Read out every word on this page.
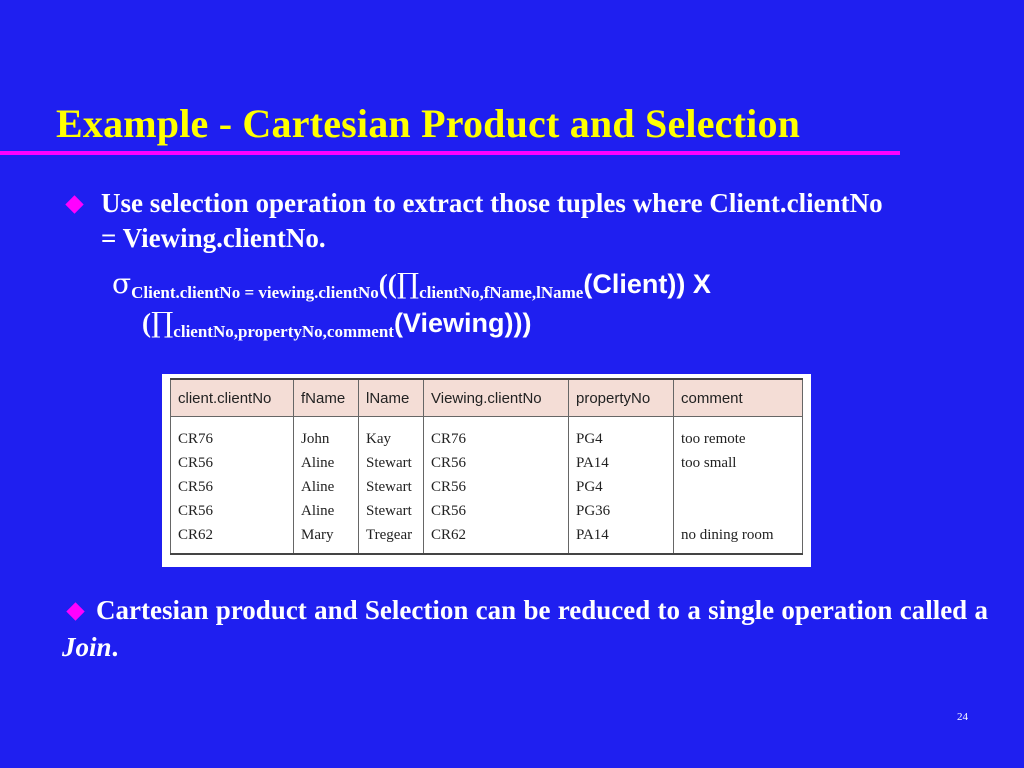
Example - Cartesian Product and Selection
Use selection operation to extract those tuples where Client.clientNo = Viewing.clientNo.
$\sigma_{Client.clientNo = viewing.clientNo}((\prod_{clientNo,fName,lName}(Client))$ X
$(\prod_{clientNo,propertyNo,comment}(Viewing))$)
client.clientNo	fName	lName	Viewing.clientNo	propertyNo	comment
CR76	John	Kay	CR76	PG4	too remote
CR56	Aline	Stewart	CR56	PA14	too small
CR56	Aline	Stewart	CR56	PG4	
CR56	Aline	Stewart	CR56	PG36	
CR62	Mary	Tregear	CR62	PA14	no dining room
Cartesian product and Selection can be reduced to a single operation called a Join.
24
